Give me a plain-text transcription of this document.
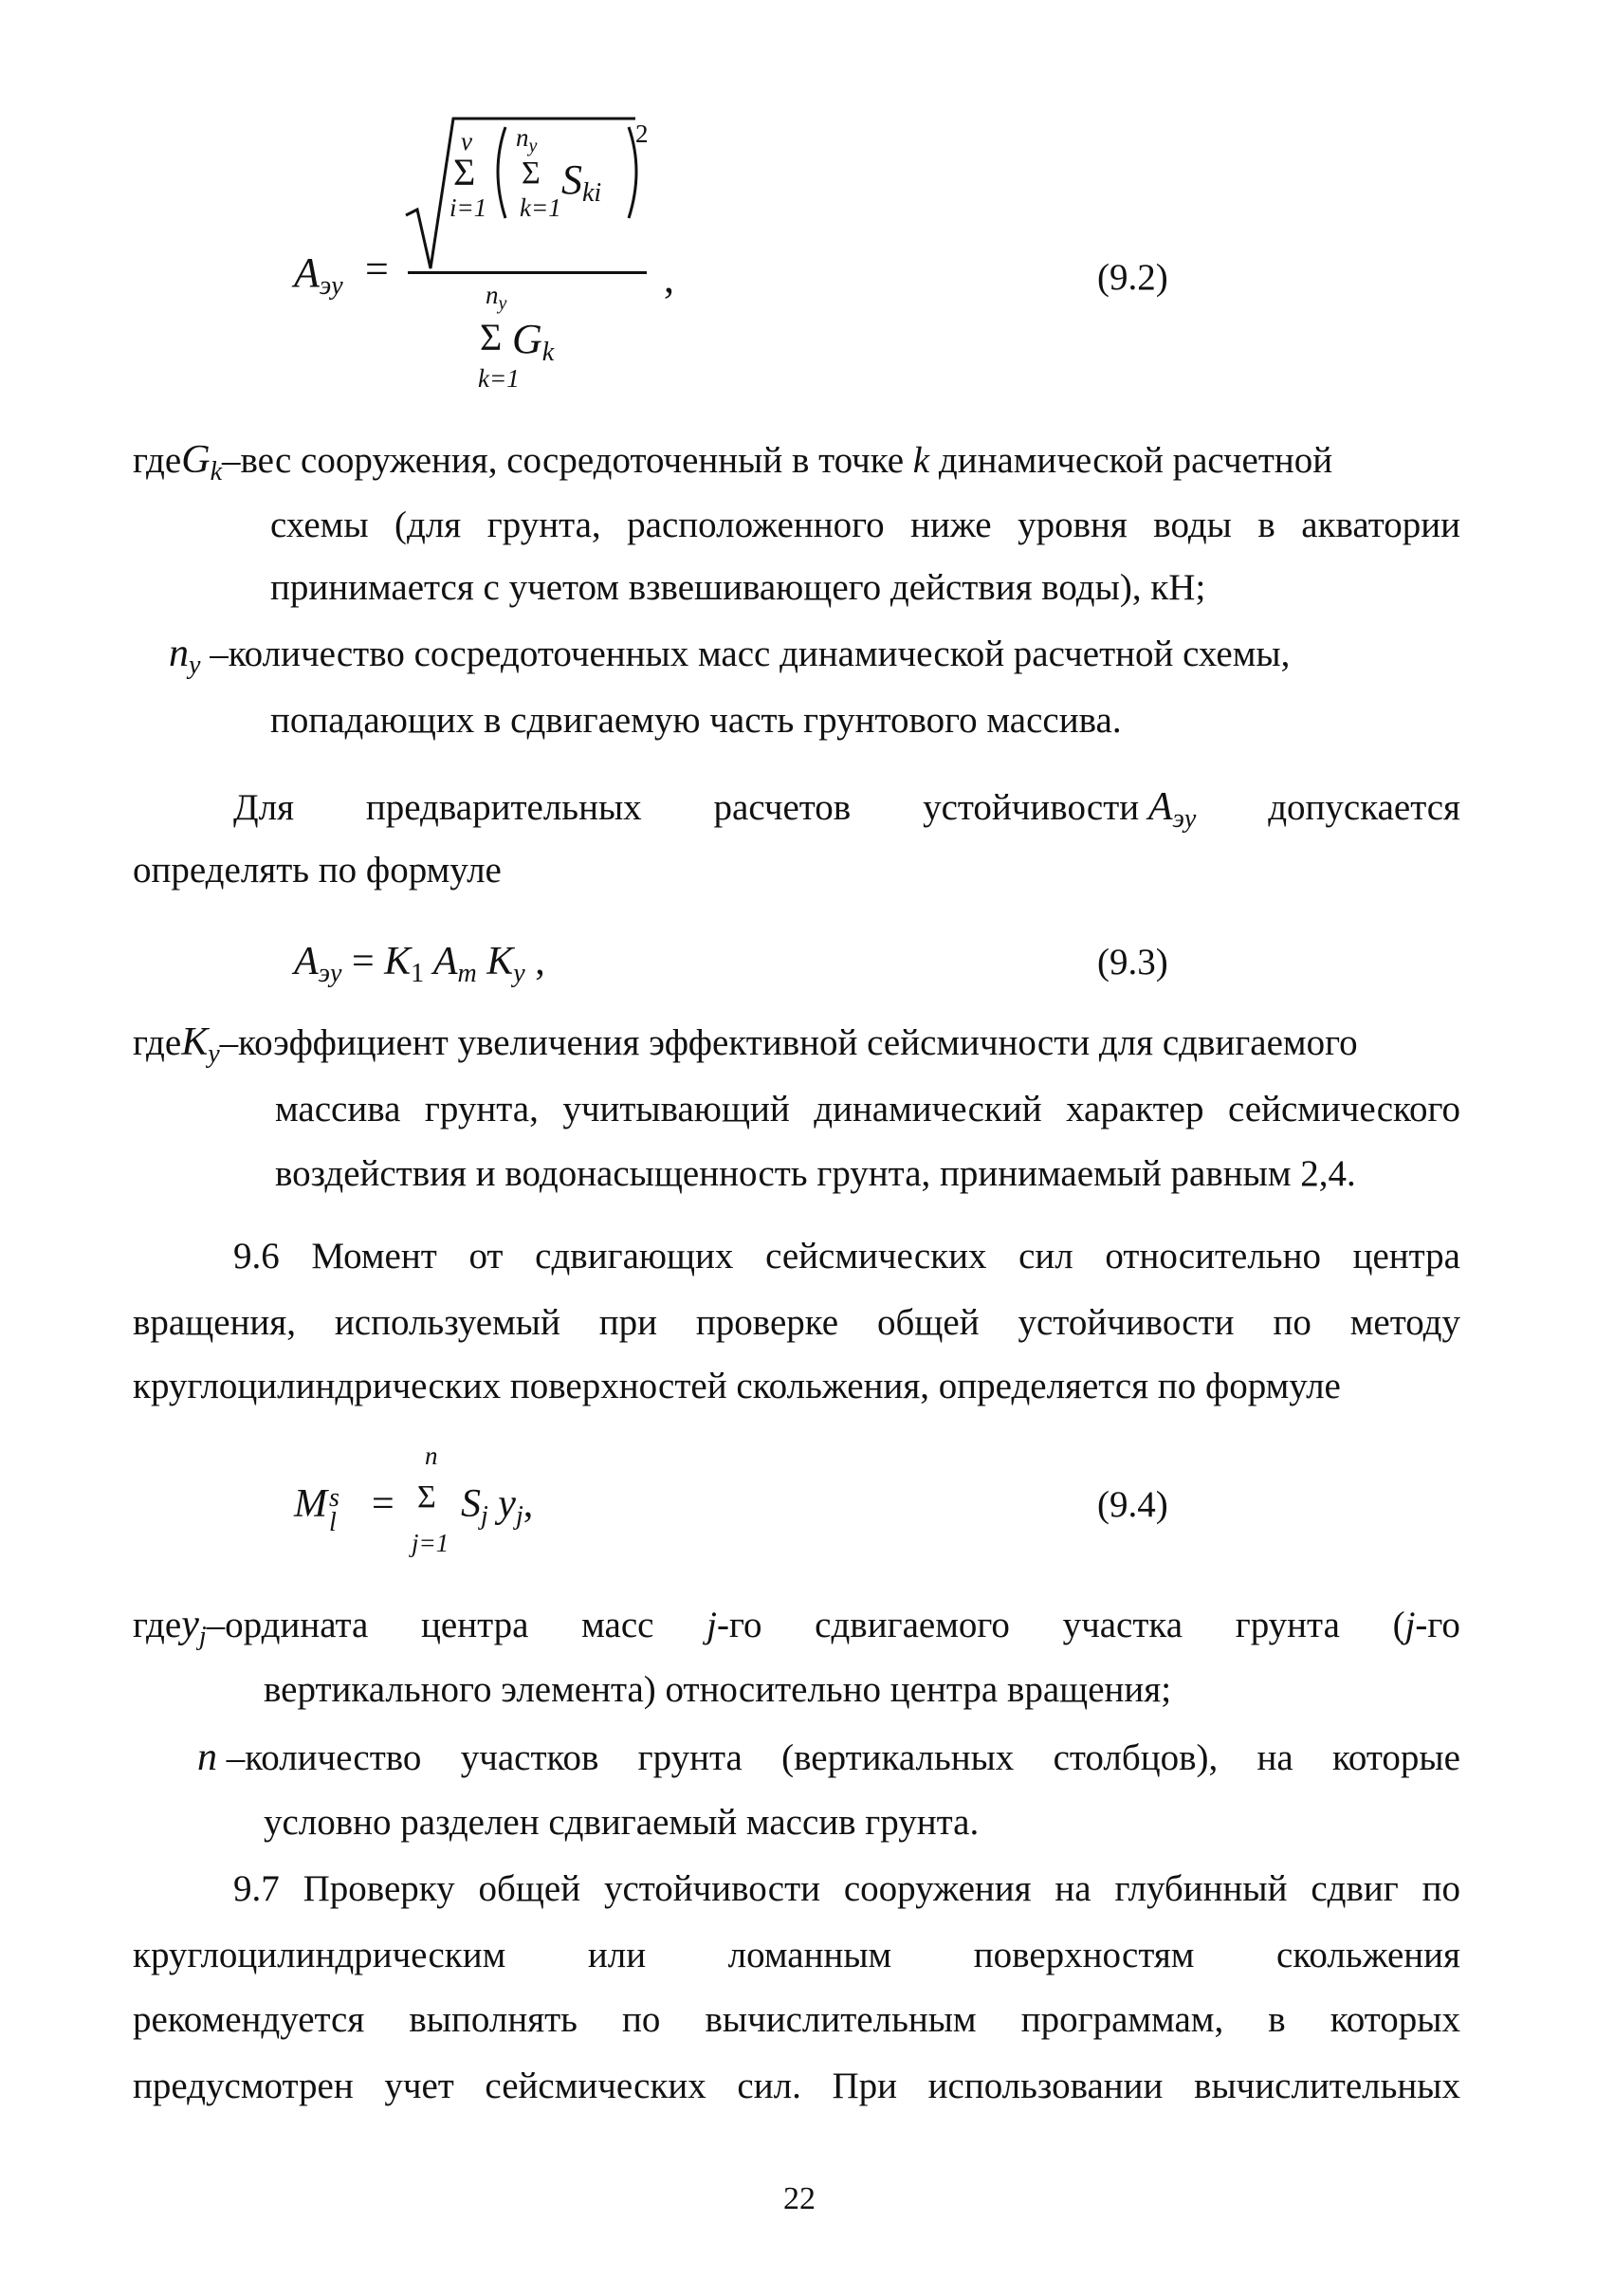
$A_{эу}$ =
ν
Σ
i=1
$n_y$
Σ
k=1
$S_{ki}$
2
,
$n_y$
Σ $G_k$
k=1
(9.2)
гдеG$_k$–вес сооружения, сосредоточенный в точке k динамической расчетной
схемы (для грунта, расположенного ниже уровня воды в акватории
принимается с учетом взвешивающего действия воды), кН;
$n_y$ –количество сосредоточенных масс динамической расчетной схемы,
попадающих в сдвигаемую часть грунтового массива.
Для предварительных расчетов устойчивости $A_{эу}$ допускается
определять по формуле
$A_{эу} = K_1$ $A_т$ $K_y$ ,	(9.3)
гдеK$_y$–коэффициент увеличения эффективной сейсмичности для сдвигаемого
массива грунта, учитывающий динамический характер сейсмического
воздействия и водонасыщенность грунта, принимаемый равным 2,4.
9.6 Момент от сдвигающих сейсмических сил относительно центра
вращения, используемый при проверке общей устойчивости по методу
круглоцилиндрических поверхностей скольжения, определяется по формуле
M s
l =
n
Σ
j=1
$S_j$ $y_j$,	(9.4)
гдеy$_j$–ордината центра масс j-го сдвигаемого участка грунта (j-го
вертикального элемента) относительно центра вращения;
n –количество участков грунта (вертикальных столбцов), на которые
условно разделен сдвигаемый массив грунта.
9.7 Проверку общей устойчивости сооружения на глубинный сдвиг по
круглоцилиндрическим или ломанным поверхностям скольжения
рекомендуется выполнять по вычислительным программам, в которых
предусмотрен учет сейсмических сил. При использовании вычислительных
22
